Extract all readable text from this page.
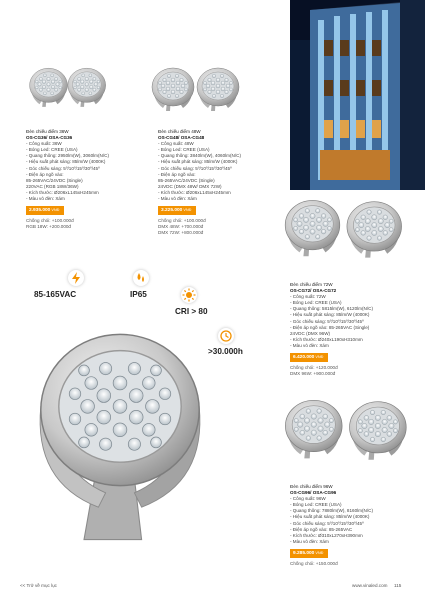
Đèn chiếu điểm 36W
OS-CG36/ OSA-CG36
- Công suất: 36W
- Bóng Led: CREE (USA)
- Quang thông: 2950lm(W), 3060lm(N/C)
- Hiệu suất phát sáng: 85lm/W (4000K)
- Góc chiếu sáng: 5º/10º/15º/30º/45º
- Điện áp ngõ vào:
85-265VAC/24VDC (Single)
220VAC (RGB 18W/36W)
- Kích thước: Ø206xL145xH245mm
- Màu vỏ đèn: Xám
2.935.000VNĐ
Chống chói: +100.000đ
RGB 18W: +200.000đ
Đèn chiếu điểm 48W
OS-CG48/ OSA-CG48
- Công suất: 48W
- Bóng Led: CREE (USA)
- Quang thông: 3840lm(W), 4060lm(N/C)
- Hiệu suất phát sáng: 85lm/W (4000K)
- Góc chiếu sáng: 5º/10º/15º/30º/45º
- Điện áp ngõ vào:
85-265VAC/24VDC (Single)
24VDC (DMX 48W/ DMX 72W)
- Kích thước: Ø206xL145xH245mm
- Màu vỏ đèn: Xám
3.225.000VNĐ
Chống chói: +100.000đ
DMX 48W: +700.000đ
DMX 72W: +800.000đ
Đèn chiếu điểm 72W
OS-CG72/ OSA-CG72
- Công suất: 72W
- Bóng Led: CREE (USA)
- Quang thông: 5815lm(W), 6120lm(N/C)
- Hiệu suất phát sáng: 85lm/W (4000K)
- Góc chiếu sáng: 5º/10º/15º/30º/45º
- Điện áp ngõ vào: 85-265VAC (Single)
24VDC (DMX 96W)
- Kích thước: Ø240xL190xH310mm
- Màu vỏ đèn: Xám
6.420.000VNĐ
Chống chói: +120.000đ
DMX 96W: +900.000đ
85-165VAC	IP65
CRI > 80
>30.000h
Đèn chiếu điểm 96W
OS-CG96/ OSA-CG96
- Công suất: 96W
- Bóng Led: CREE (USA)
- Quang thông: 7880lm(W), 8160lm(N/C)
- Hiệu suất phát sáng: 85lm/W (4000K)
- Góc chiếu sáng: 5º/10º/15º/30º/45º
- Điện áp ngõ vào: 85-265VAC
- Kích thước: Ø310xL270xH390mm
- Màu vỏ đèn: Xám
9.285.000VNĐ
Chống chói: +150.000đ
<< Trở về mục lục	www.vinaled.com 115
